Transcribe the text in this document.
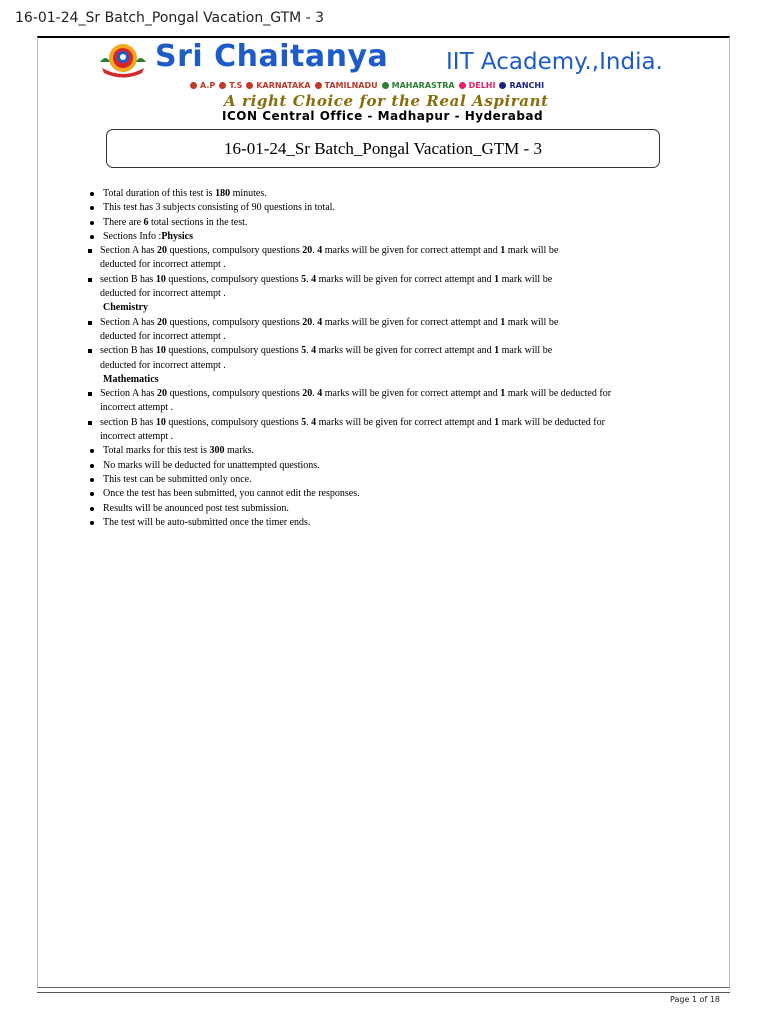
16-01-24_Sr Batch_Pongal Vacation_GTM - 3
Sri Chaitanya	IIT Academy.,India.
A.P T.S KARNATAKA TAMILNADU MAHARASTRA DELHI RANCHI
A right Choice for the Real Aspirant
ICON Central Office - Madhapur - Hyderabad
16-01-24_Sr Batch_Pongal Vacation_GTM - 3
Total duration of this test is 180 minutes.
This test has 3 subjects consisting of 90 questions in total.
There are 6 total sections in the test.
Sections Info :Physics
Section A has 20 questions, compulsory questions 20. 4 marks will be given for correct attempt and 1 mark will be deducted for incorrect attempt .
section B has 10 questions, compulsory questions 5. 4 marks will be given for correct attempt and 1 mark will be deducted for incorrect attempt .
Chemistry
Section A has 20 questions, compulsory questions 20. 4 marks will be given for correct attempt and 1 mark will be deducted for incorrect attempt .
section B has 10 questions, compulsory questions 5. 4 marks will be given for correct attempt and 1 mark will be deducted for incorrect attempt .
Mathematics
Section A has 20 questions, compulsory questions 20. 4 marks will be given for correct attempt and 1 mark will be deducted for incorrect attempt .
section B has 10 questions, compulsory questions 5. 4 marks will be given for correct attempt and 1 mark will be deducted for incorrect attempt .
Total marks for this test is 300 marks.
No marks will be deducted for unattempted questions.
This test can be submitted only once.
Once the test has been submitted, you cannot edit the responses.
Results will be anounced post test submission.
The test will be auto-submitted once the timer ends.
Page 1 of 18
